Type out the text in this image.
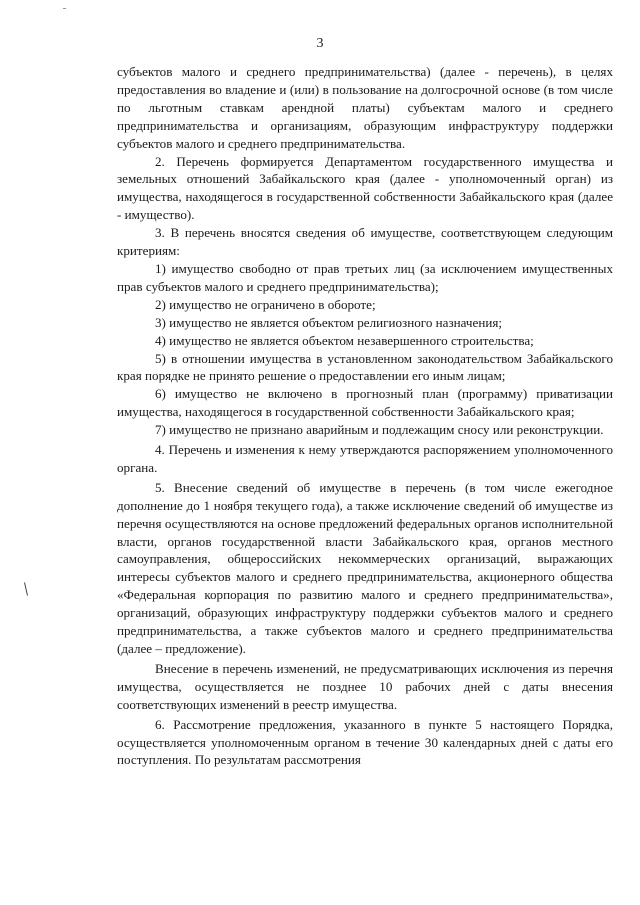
3

субъектов малого и среднего предпринимательства) (далее - перечень), в целях предоставления во владение и (или) в пользование на долгосрочной основе (в том числе по льготным ставкам арендной платы) субъектам малого и среднего предпринимательства и организациям, образующим инфраструктуру поддержки субъектов малого и среднего предпринимательства.

2. Перечень формируется Департаментом государственного имущества и земельных отношений Забайкальского края (далее - уполномоченный орган) из имущества, находящегося в государственной собственности Забайкальского края (далее - имущество).

3. В перечень вносятся сведения об имуществе, соответствующем следующим критериям:

1) имущество свободно от прав третьих лиц (за исключением имущественных прав субъектов малого и среднего предпринимательства);

2) имущество не ограничено в обороте;

3) имущество не является объектом религиозного назначения;

4) имущество не является объектом незавершенного строительства;

5) в отношении имущества в установленном законодательством Забайкальского края порядке не принято решение о предоставлении его иным лицам;

6) имущество не включено в прогнозный план (программу) приватизации имущества, находящегося в государственной собственности Забайкальского края;

7) имущество не признано аварийным и подлежащим сносу или реконструкции.

4. Перечень и изменения к нему утверждаются распоряжением уполномоченного органа.

5. Внесение сведений об имуществе в перечень (в том числе ежегодное дополнение до 1 ноября текущего года), а также исключение сведений об имуществе из перечня осуществляются на основе предложений федеральных органов исполнительной власти, органов государственной власти Забайкальского края, органов местного самоуправления, общероссийских некоммерческих организаций, выражающих интересы субъектов малого и среднего предпринимательства, акционерного общества «Федеральная корпорация по развитию малого и среднего предпринимательства», организаций, образующих инфраструктуру поддержки субъектов малого и среднего предпринимательства, а также субъектов малого и среднего предпринимательства (далее – предложение).

Внесение в перечень изменений, не предусматривающих исключения из перечня имущества, осуществляется не позднее 10 рабочих дней с даты внесения соответствующих изменений в реестр имущества.

6. Рассмотрение предложения, указанного в пункте 5 настоящего Порядка, осуществляется уполномоченным органом в течение 30 календарных дней с даты его поступления. По результатам рассмотрения
